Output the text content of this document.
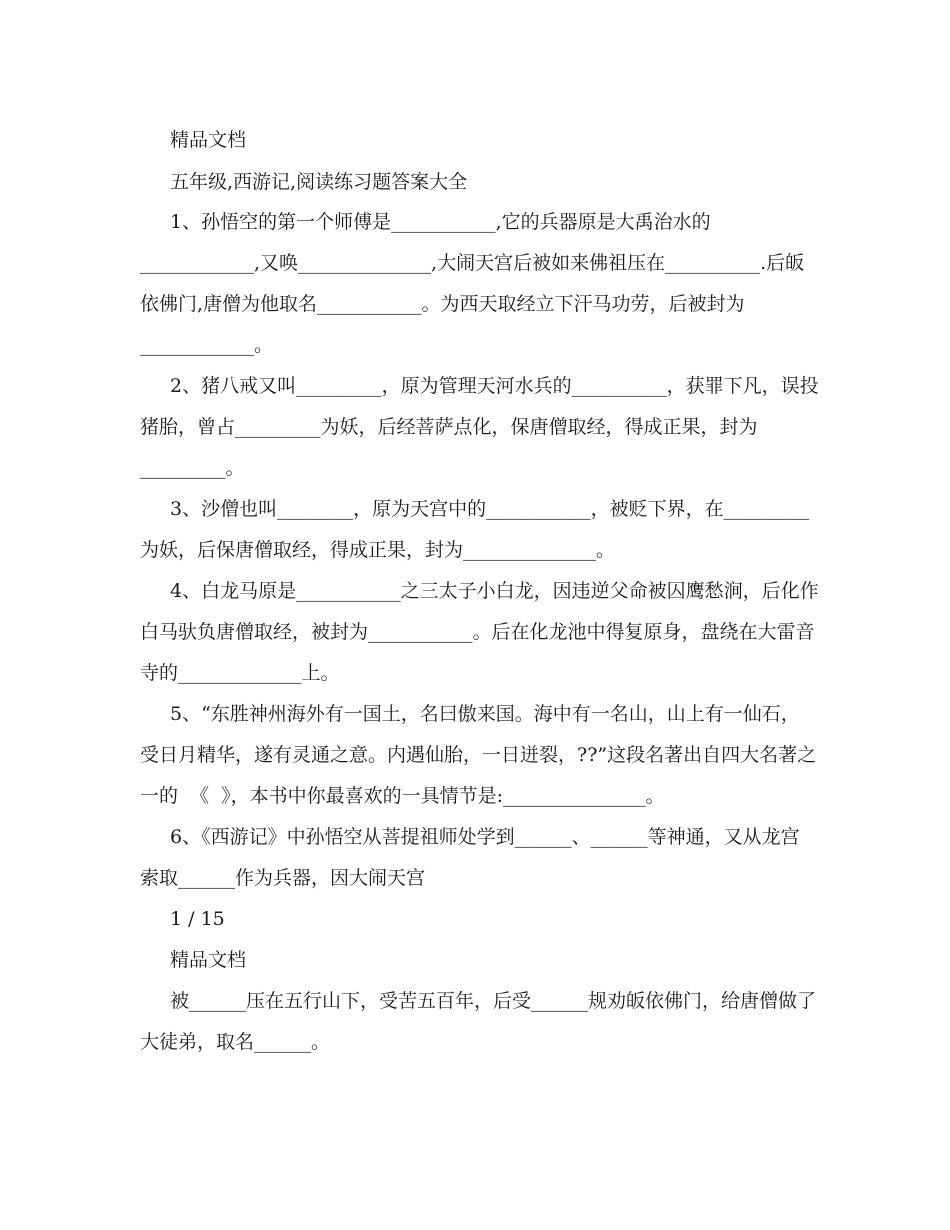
精品文档
五年级,西游记,阅读练习题答案大全
1、孙悟空的第一个师傅是___________,它的兵器原是大禹治水的
____________,又唤______________,大闹天宫后被如来佛祖压在__________.后皈
依佛门,唐僧为他取名___________。为西天取经立下汗马功劳，后被封为
____________。
2、猪八戒又叫_________，原为管理天河水兵的__________，获罪下凡，误投
猪胎，曾占_________为妖，后经菩萨点化，保唐僧取经，得成正果，封为
_________。
3、沙僧也叫________，原为天宫中的___________，被贬下界，在_________
为妖，后保唐僧取经，得成正果，封为______________。
4、白龙马原是___________之三太子小白龙，因违逆父命被囚鹰愁涧，后化作
白马驮负唐僧取经，被封为___________。后在化龙池中得复原身，盘绕在大雷音
寺的_____________上。
5、“东胜神州海外有一国土，名曰傲来国。海中有一名山，山上有一仙石，
受日月精华，遂有灵通之意。内遇仙胎，一日迸裂，??”这段名著出自四大名著之
一的  《  》，本书中你最喜欢的一具情节是:_______________。
6、《西游记》中孙悟空从菩提祖师处学到______、______等神通，又从龙宫
索取______作为兵器，因大闹天宫
1 / 15
精品文档
被______压在五行山下，受苦五百年，后受______规劝皈依佛门，给唐僧做了
大徒弟，取名______。
